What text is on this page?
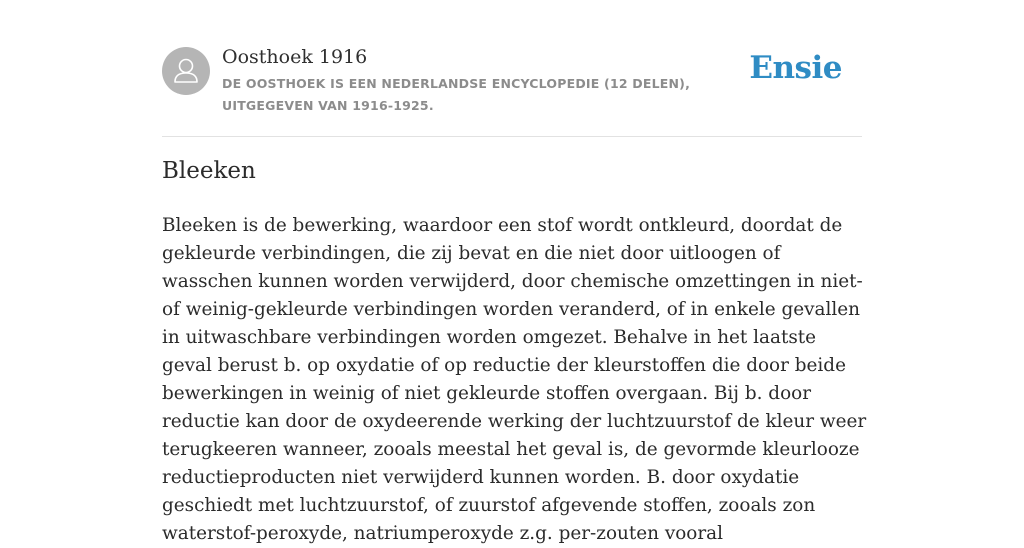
Oosthoek 1916
DE OOSTHOEK IS EEN NEDERLANDSE ENCYCLOPEDIE (12 DELEN), UITGEGEVEN VAN 1916-1925.
Ensie
Bleeken

Bleeken is de bewerking, waardoor een stof wordt ontkleurd, doordat de gekleurde verbindingen, die zij bevat en die niet door uitloogen of wasschen kunnen worden verwijderd, door chemische omzettingen in niet- of weinig-gekleurde verbindingen worden veranderd, of in enkele gevallen in uitwaschbare verbindingen worden omgezet. Behalve in het laatste geval berust b. op oxydatie of op reductie der kleurstoffen die door beide bewerkingen in weinig of niet gekleurde stoffen overgaan. Bij b. door reductie kan door de oxydeerende werking der luchtzuurstof de kleur weer terugkeeren wanneer, zooals meestal het geval is, de gevormde kleurlooze reductieproducten niet verwijderd kunnen worden. B. door oxydatie geschiedt met luchtzuurstof, of zuurstof afgevende stoffen, zooals zon waterstof-peroxyde, natriumperoxyde z.g. per-zouten vooral
